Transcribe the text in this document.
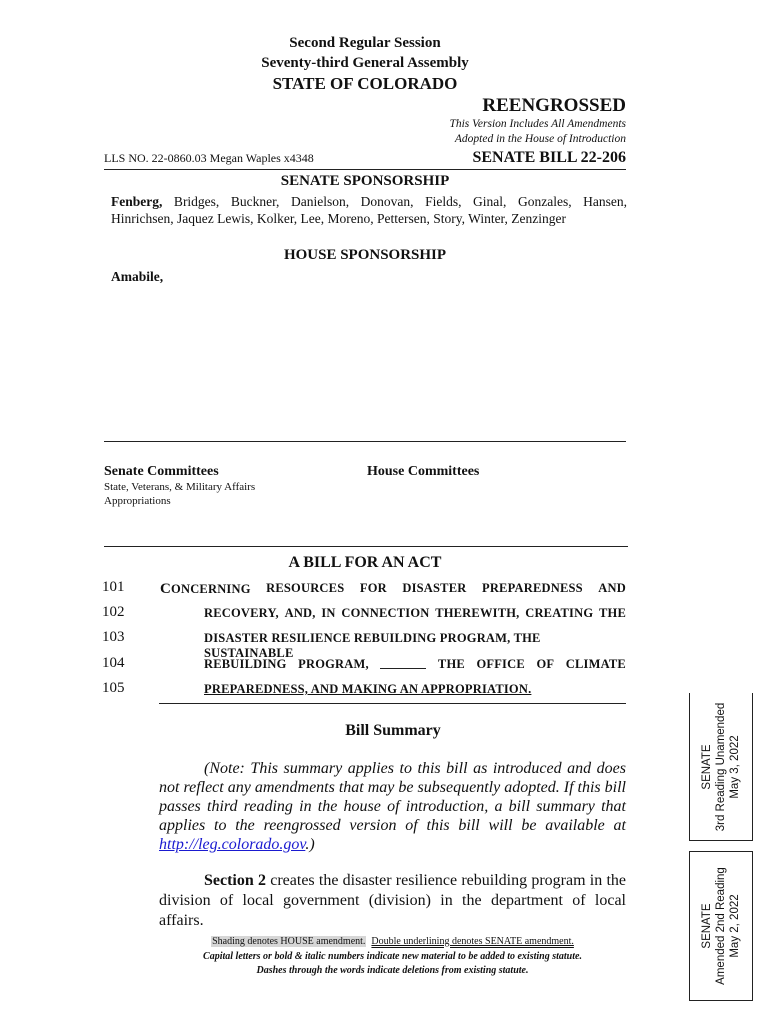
Second Regular Session
Seventy-third General Assembly
STATE OF COLORADO
REENGROSSED
This Version Includes All Amendments
Adopted in the House of Introduction
LLS NO. 22-0860.03 Megan Waples x4348	SENATE BILL 22-206
SENATE SPONSORSHIP
Fenberg, Bridges, Buckner, Danielson, Donovan, Fields, Ginal, Gonzales, Hansen, Hinrichsen, Jaquez Lewis, Kolker, Lee, Moreno, Pettersen, Story, Winter, Zenzinger
HOUSE SPONSORSHIP
Amabile,
Senate Committees
State, Veterans, & Military Affairs
Appropriations
House Committees
A BILL FOR AN ACT
101
102
103
104
105
CONCERNING RESOURCES FOR DISASTER PREPAREDNESS AND
RECOVERY, AND, IN CONNECTION THEREWITH, CREATING THE
DISASTER RESILIENCE REBUILDING PROGRAM, THE SUSTAINABLE
REBUILDING PROGRAM,	THE OFFICE OF CLIMATE
PREPAREDNESS, AND MAKING AN APPROPRIATION.
Bill Summary
(Note: This summary applies to this bill as introduced and does not reflect any amendments that may be subsequently adopted. If this bill passes third reading in the house of introduction, a bill summary that applies to the reengrossed version of this bill will be available at http://leg.colorado.gov.)
Section 2 creates the disaster resilience rebuilding program in the division of local government (division) in the department of local affairs.
Shading denotes HOUSE amendment. Double underlining denotes SENATE amendment.
Capital letters or bold & italic numbers indicate new material to be added to existing statute.
Dashes through the words indicate deletions from existing statute.
SENATE 3rd Reading Unamended May 3, 2022
SENATE Amended 2nd Reading May 2, 2022
